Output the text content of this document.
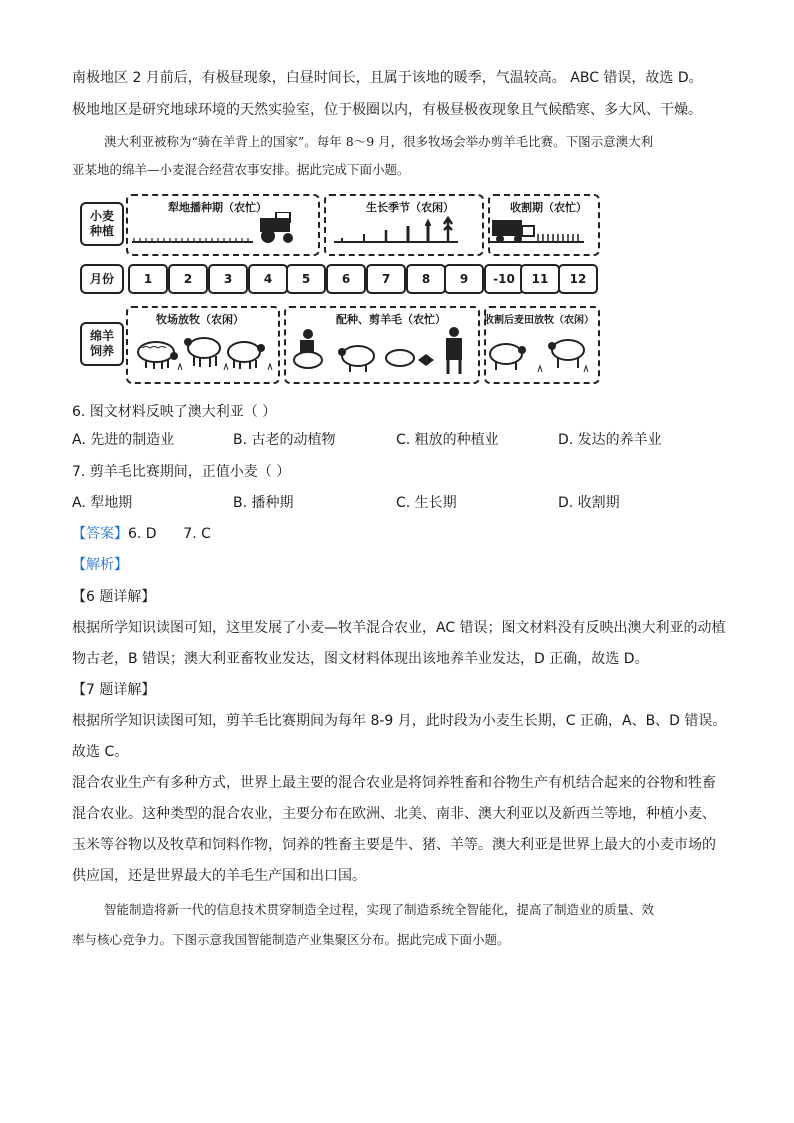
南极地区 2 月前后，有极昼现象，白昼时间长，且属于该地的暖季，气温较高。 ABC 错误，故选 D。
极地地区是研究地球环境的天然实验室，位于极圈以内，有极昼极夜现象且气候酷寒、多大风、干燥。
澳大利亚被称为“骑在羊背上的国家”。每年 8～9 月，很多牧场会举办剪羊毛比赛。下图示意澳大利
亚某地的绵羊—小麦混合经营农事安排。据此完成下面小题。
小麦种植
月份
绵羊饲养
犁地播种期（农忙）	生长季节（农闲）	收割期（农忙）
1	2	3	4 5	6	7	8 9 -10 11 12
牧场放牧（农闲）	配种、剪羊毛（农忙）	收割后麦田放牧（农闲）
6. 图文材料反映了澳大利亚（ ）
A. 先进的制造业	B. 古老的动植物	C. 粗放的种植业	D. 发达的养羊业
7. 剪羊毛比赛期间，正值小麦（ ）
A. 犁地期	B. 播种期	C. 生长期	D. 收割期
【答案】6. D      7. C
【解析】
【6 题详解】
根据所学知识读图可知，这里发展了小麦—牧羊混合农业，AC 错误；图文材料没有反映出澳大利亚的动植
物古老，B 错误；澳大利亚畜牧业发达，图文材料体现出该地养羊业发达，D 正确，故选 D。
【7 题详解】
根据所学知识读图可知，剪羊毛比赛期间为每年 8-9 月，此时段为小麦生长期，C 正确，A、B、D 错误。
故选 C。
混合农业生产有多种方式，世界上最主要的混合农业是将饲养牲畜和谷物生产有机结合起来的谷物和牲畜
混合农业。这种类型的混合农业，主要分布在欧洲、北美、南非、澳大利亚以及新西兰等地，种植小麦、
玉米等谷物以及牧草和饲料作物，饲养的牲畜主要是牛、猪、羊等。澳大利亚是世界上最大的小麦市场的
供应国，还是世界最大的羊毛生产国和出口国。
智能制造将新一代的信息技术贯穿制造全过程，实现了制造系统全智能化，提高了制造业的质量、效
率与核心竞争力。下图示意我国智能制造产业集聚区分布。据此完成下面小题。
